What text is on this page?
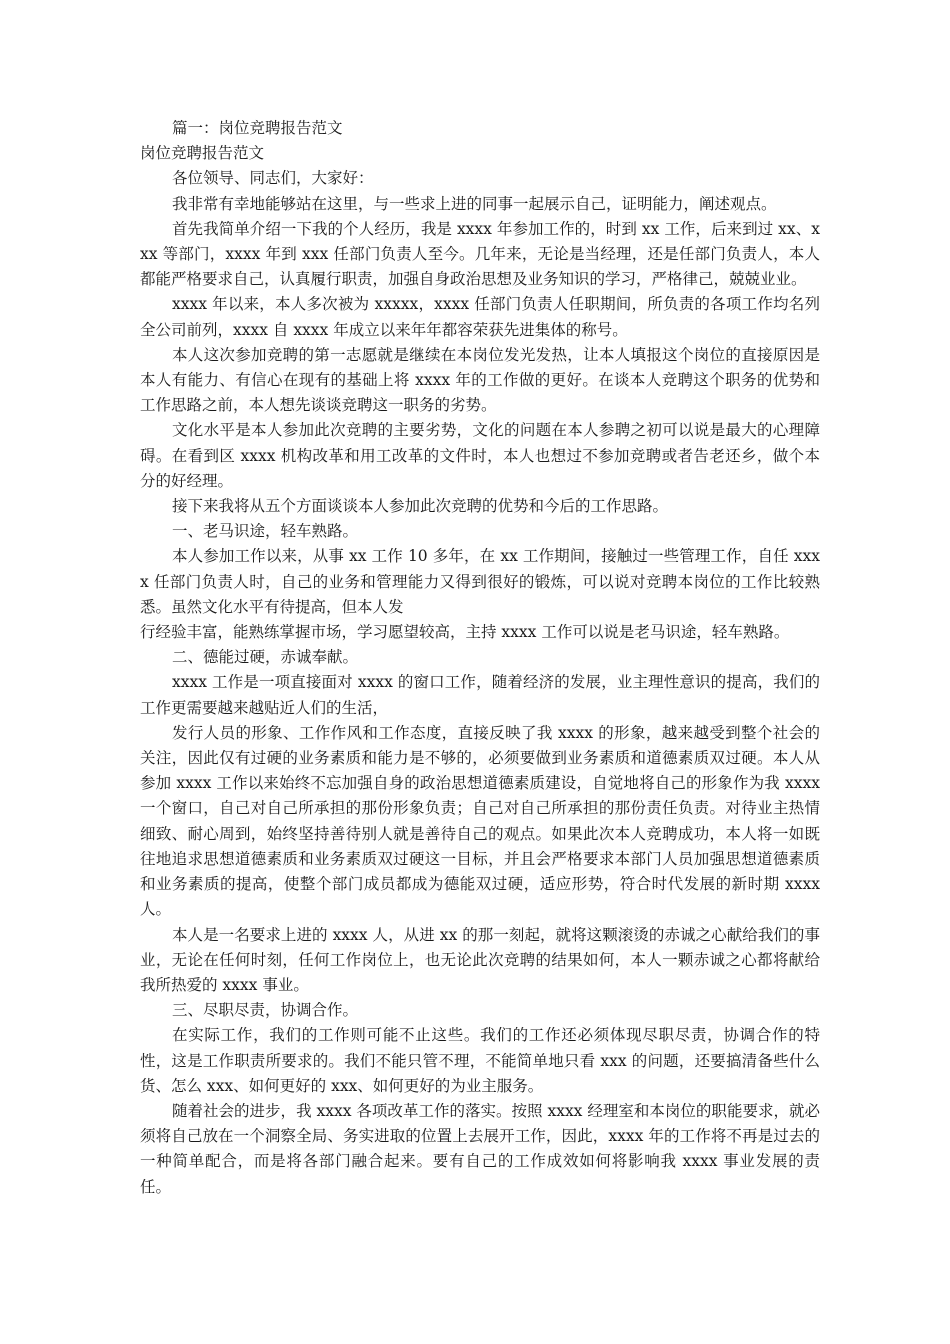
篇一：岗位竞聘报告范文

岗位竞聘报告范文

各位领导、同志们，大家好：

我非常有幸地能够站在这里，与一些求上进的同事一起展示自己，证明能力，阐述观点。

首先我简单介绍一下我的个人经历，我是 xxxx 年参加工作的，时到 xx 工作，后来到过 xx、xxx 等部门，xxxx 年到 xxx 任部门负责人至今。几年来，无论是当经理，还是任部门负责人，本人都能严格要求自己，认真履行职责，加强自身政治思想及业务知识的学习，严格律己，兢兢业业。

xxxx 年以来，本人多次被为 xxxxx，xxxx 任部门负责人任职期间，所负责的各项工作均名列全公司前列，xxxx 自 xxxx 年成立以来年年都容荣获先进集体的称号。

本人这次参加竞聘的第一志愿就是继续在本岗位发光发热，让本人填报这个岗位的直接原因是本人有能力、有信心在现有的基础上将 xxxx 年的工作做的更好。在谈本人竞聘这个职务的优势和工作思路之前，本人想先谈谈竞聘这一职务的劣势。

文化水平是本人参加此次竞聘的主要劣势，文化的问题在本人参聘之初可以说是最大的心理障碍。在看到区 xxxx 机构改革和用工改革的文件时，本人也想过不参加竞聘或者告老还乡，做个本分的好经理。

接下来我将从五个方面谈谈本人参加此次竞聘的优势和今后的工作思路。

一、老马识途，轻车熟路。

本人参加工作以来，从事 xx 工作 10 多年，在 xx 工作期间，接触过一些管理工作，自任 xxxx 任部门负责人时，自己的业务和管理能力又得到很好的锻炼，可以说对竞聘本岗位的工作比较熟悉。虽然文化水平有待提高，但本人发

行经验丰富，能熟练掌握市场，学习愿望较高，主持 xxxx 工作可以说是老马识途，轻车熟路。

二、德能过硬，赤诚奉献。

xxxx 工作是一项直接面对 xxxx 的窗口工作，随着经济的发展，业主理性意识的提高，我们的工作更需要越来越贴近人们的生活，

发行人员的形象、工作作风和工作态度，直接反映了我 xxxx 的形象，越来越受到整个社会的关注，因此仅有过硬的业务素质和能力是不够的，必须要做到业务素质和道德素质双过硬。本人从参加 xxxx 工作以来始终不忘加强自身的政治思想道德素质建设，自觉地将自己的形象作为我 xxxx 一个窗口，自己对自己所承担的那份形象负责；自己对自己所承担的那份责任负责。对待业主热情细致、耐心周到，始终坚持善待别人就是善待自己的观点。如果此次本人竞聘成功，本人将一如既往地追求思想道德素质和业务素质双过硬这一目标，并且会严格要求本部门人员加强思想道德素质和业务素质的提高，使整个部门成员都成为德能双过硬，适应形势，符合时代发展的新时期 xxxx 人。

本人是一名要求上进的 xxxx 人，从进 xx 的那一刻起，就将这颗滚烫的赤诚之心献给我们的事业，无论在任何时刻，任何工作岗位上，也无论此次竞聘的结果如何，本人一颗赤诚之心都将献给我所热爱的 xxxx 事业。

三、尽职尽责，协调合作。

在实际工作，我们的工作则可能不止这些。我们的工作还必须体现尽职尽责，协调合作的特性，这是工作职责所要求的。我们不能只管不理，不能简单地只看 xxx 的问题，还要搞清备些什么货、怎么 xxx、如何更好的 xxx、如何更好的为业主服务。

随着社会的进步，我 xxxx 各项改革工作的落实。按照 xxxx 经理室和本岗位的职能要求，就必须将自己放在一个洞察全局、务实进取的位置上去展开工作，因此，xxxx 年的工作将不再是过去的一种简单配合，而是将各部门融合起来。要有自己的工作成效如何将影响我 xxxx 事业发展的责任。
